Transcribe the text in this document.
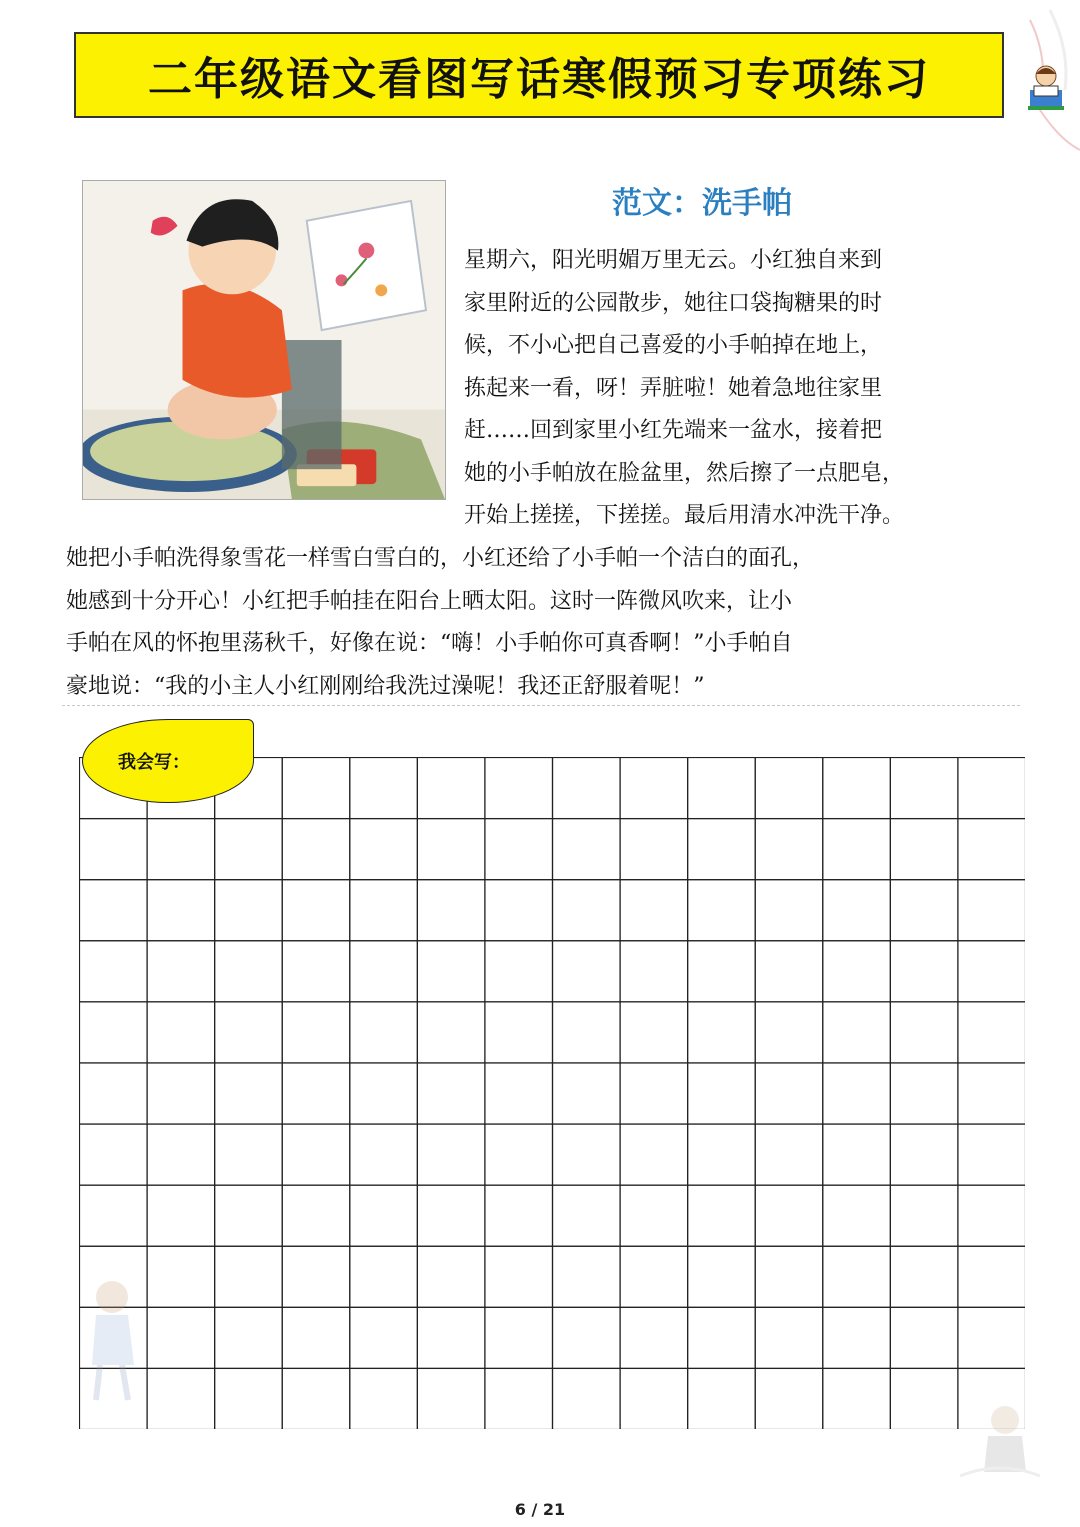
二年级语文看图写话寒假预习专项练习
范文：洗手帕
星期六，阳光明媚万里无云。小红独自来到
家里附近的公园散步，她往口袋掏糖果的时
候，不小心把自己喜爱的小手帕掉在地上，
拣起来一看，呀！弄脏啦！她着急地往家里
赶……回到家里小红先端来一盆水，接着把
她的小手帕放在脸盆里，然后擦了一点肥皂，
开始上搓搓，下搓搓。最后用清水冲洗干净。
她把小手帕洗得象雪花一样雪白雪白的，小红还给了小手帕一个洁白的面孔，
她感到十分开心！小红把手帕挂在阳台上晒太阳。这时一阵微风吹来，让小
手帕在风的怀抱里荡秋千，好像在说：“嗨！小手帕你可真香啊！”小手帕自
豪地说：“我的小主人小红刚刚给我洗过澡呢！我还正舒服着呢！”
我会写：
6 / 21
